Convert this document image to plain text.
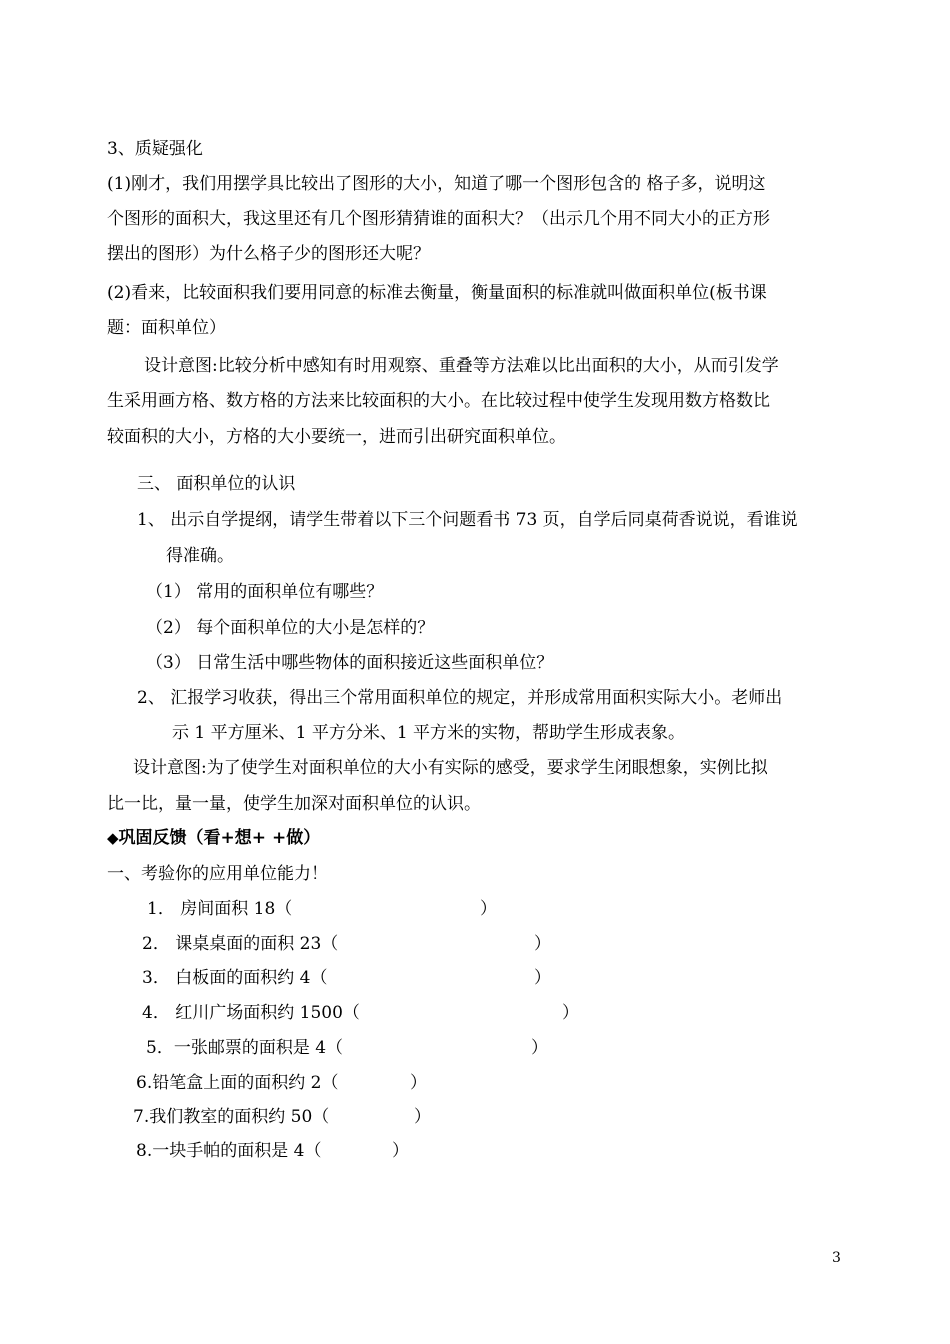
3、质疑强化
(1)刚才，我们用摆学具比较出了图形的大小，知道了哪一个图形包含的 格子多，说明这
个图形的面积大，我这里还有几个图形猜猜谁的面积大？（出示几个用不同大小的正方形
摆出的图形）为什么格子少的图形还大呢？
(2)看来，比较面积我们要用同意的标准去衡量，衡量面积的标准就叫做面积单位(板书课
题：面积单位）
设计意图:比较分析中感知有时用观察、重叠等方法难以比出面积的大小，从而引发学
生采用画方格、数方格的方法来比较面积的大小。在比较过程中使学生发现用数方格数比
较面积的大小，方格的大小要统一，进而引出研究面积单位。
三、 面积单位的认识
1、 出示自学提纲，请学生带着以下三个问题看书 73 页，自学后同桌荷香说说，看谁说
得准确。
（1） 常用的面积单位有哪些？
（2） 每个面积单位的大小是怎样的？
（3） 日常生活中哪些物体的面积接近这些面积单位？
2、 汇报学习收获，得出三个常用面积单位的规定，并形成常用面积实际大小。老师出
示 1 平方厘米、1 平方分米、1 平方米的实物，帮助学生形成表象。
设计意图:为了使学生对面积单位的大小有实际的感受，要求学生闭眼想象，实例比拟
比一比，量一量，使学生加深对面积单位的认识。
◆巩固反馈（看+想+ +做）
一、考验你的应用单位能力！
1． 房间面积 18（	）
2． 课桌桌面的面积 23（	）
3． 白板面的面积约 4（	）
4． 红川广场面积约 1500（	）
5．一张邮票的面积是 4（	）
6.铅笔盒上面的面积约 2（	）
7.我们教室的面积约 50（	）
8.一块手帕的面积是 4（	）
3
